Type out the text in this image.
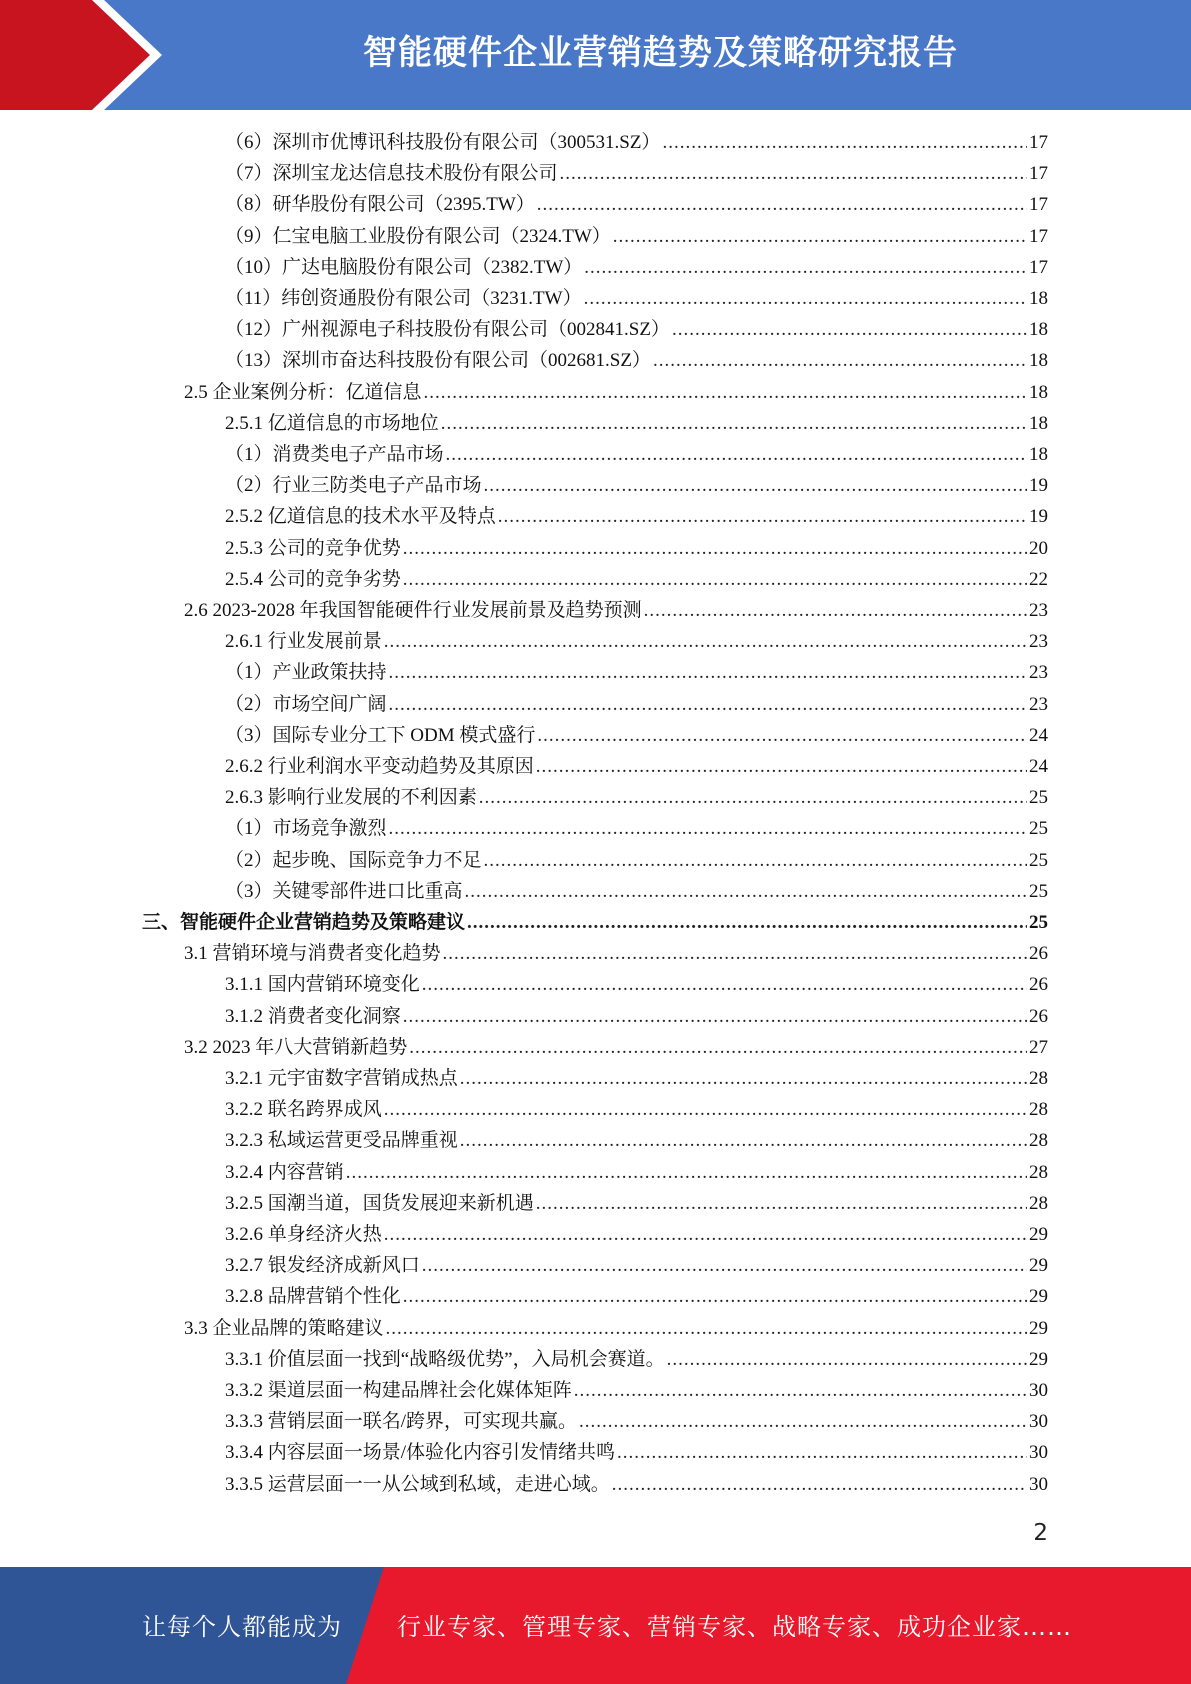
智能硬件企业营销趋势及策略研究报告
（6）深圳市优博讯科技股份有限公司（300531.SZ） .....	17
（7）深圳宝龙达信息技术股份有限公司 .....	17
（8）研华股份有限公司（2395.TW） .....	17
（9）仁宝电脑工业股份有限公司（2324.TW） .....	17
（10）广达电脑股份有限公司（2382.TW） .....	17
（11）纬创资通股份有限公司（3231.TW） .....	18
（12）广州视源电子科技股份有限公司（002841.SZ） .....	18
（13）深圳市奋达科技股份有限公司（002681.SZ） .....	18
2.5 企业案例分析：亿道信息 .....	18
2.5.1 亿道信息的市场地位 .....	18
（1）消费类电子产品市场 .....	18
（2）行业三防类电子产品市场 .....	19
2.5.2 亿道信息的技术水平及特点 .....	19
2.5.3 公司的竞争优势 .....	20
2.5.4 公司的竞争劣势 .....	22
2.6 2023-2028 年我国智能硬件行业发展前景及趋势预测 .....	23
2.6.1 行业发展前景 .....	23
（1）产业政策扶持 .....	23
（2）市场空间广阔 .....	23
（3）国际专业分工下 ODM 模式盛行 .....	24
2.6.2 行业利润水平变动趋势及其原因 .....	24
2.6.3 影响行业发展的不利因素 .....	25
（1）市场竞争激烈 .....	25
（2）起步晚、国际竞争力不足 .....	25
（3）关键零部件进口比重高 .....	25
三、智能硬件企业营销趋势及策略建议 .....	25
3.1 营销环境与消费者变化趋势 .....	26
3.1.1 国内营销环境变化 .....	26
3.1.2 消费者变化洞察 .....	26
3.2 2023 年八大营销新趋势 .....	27
3.2.1 元宇宙数字营销成热点 .....	28
3.2.2 联名跨界成风 .....	28
3.2.3 私域运营更受品牌重视 .....	28
3.2.4 内容营销 .....	28
3.2.5 国潮当道，国货发展迎来新机遇 .....	28
3.2.6 单身经济火热 .....	29
3.2.7 银发经济成新风口 .....	29
3.2.8 品牌营销个性化 .....	29
3.3 企业品牌的策略建议 .....	29
3.3.1 价值层面一找到“战略级优势”，入局机会赛道。 .....	29
3.3.2 渠道层面一构建品牌社会化媒体矩阵 .....	30
3.3.3 营销层面一联名/跨界，可实现共赢。 .....	30
3.3.4 内容层面一场景/体验化内容引发情绪共鸣 .....	30
3.3.5 运营层面一一从公域到私域，走进心域。 .....	30
2
让每个人都能成为 行业专家、管理专家、营销专家、战略专家、成功企业家……
